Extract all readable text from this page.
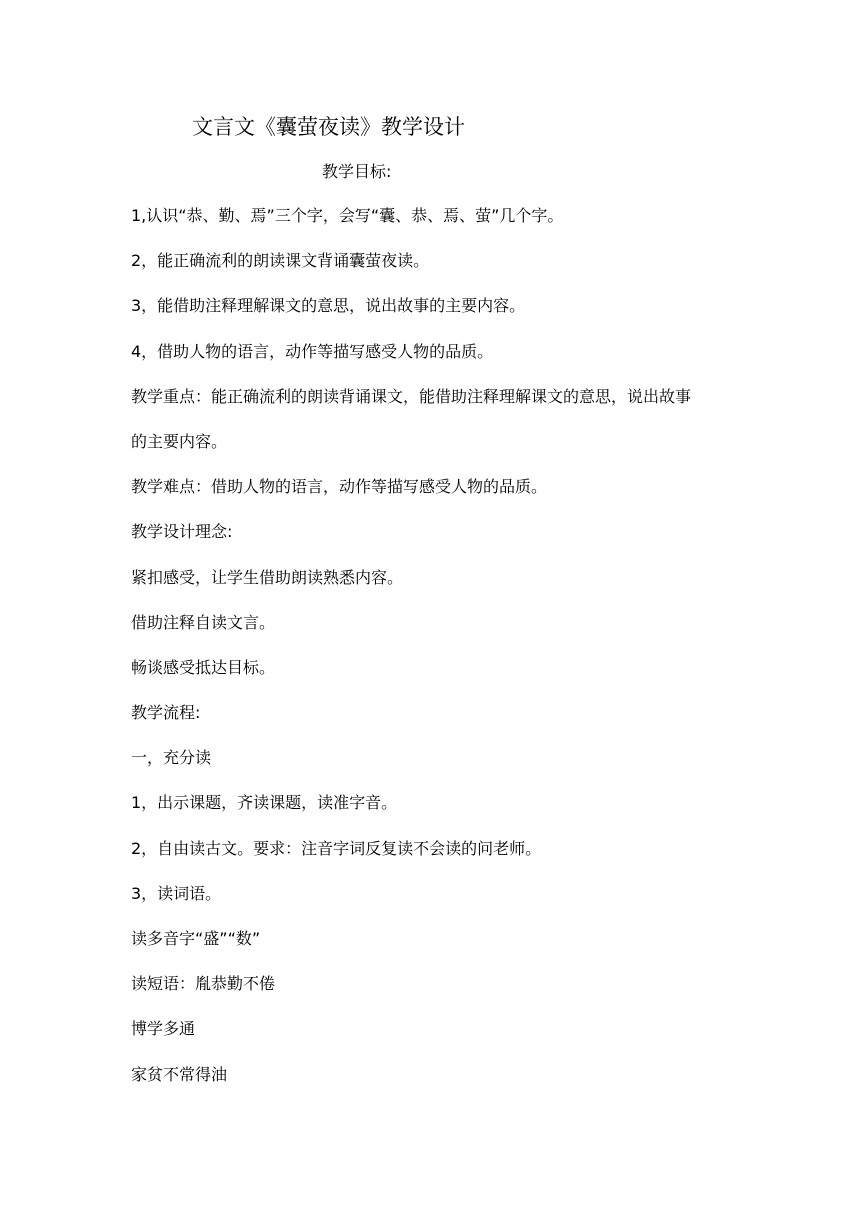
文言文《囊萤夜读》教学设计
教学目标:
1,认识“恭、勤、焉”三个字，会写“囊、恭、焉、萤”几个字。
2，能正确流利的朗读课文背诵囊萤夜读。
3，能借助注释理解课文的意思，说出故事的主要内容。
4，借助人物的语言，动作等描写感受人物的品质。
教学重点：能正确流利的朗读背诵课文，能借助注释理解课文的意思，说出故事
的主要内容。
教学难点：借助人物的语言，动作等描写感受人物的品质。
教学设计理念:
紧扣感受，让学生借助朗读熟悉内容。
借助注释自读文言。
畅谈感受抵达目标。
教学流程:
一，充分读
1，出示课题，齐读课题，读准字音。
2，自由读古文。要求：注音字词反复读不会读的问老师。
3，读词语。
读多音字“盛”“数”
读短语：胤恭勤不倦
博学多通
家贫不常得油
